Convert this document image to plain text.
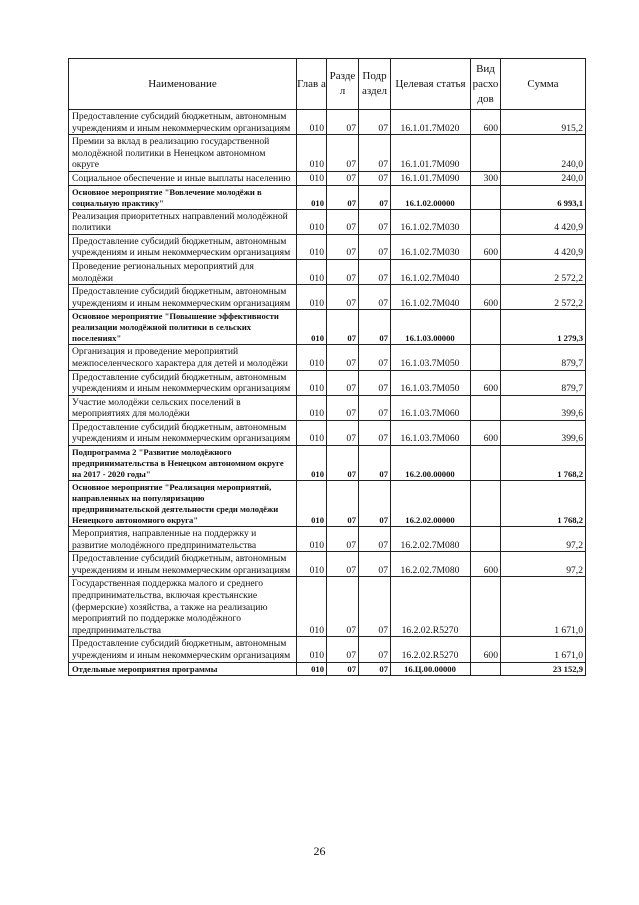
Наименование	Глав а	Разде л	Подр аздел	Целевая статья	Вид расхо дов	Сумма
Предоставление субсидий бюджетным, автономным учреждениям и иным некоммерческим организациям	010	07	07	16.1.01.7M020	600	915,2
Премии за вклад в реализацию государственной молодёжной политики в Ненецком автономном округе	010	07	07	16.1.01.7M090		240,0
Социальное обеспечение и иные выплаты населению	010	07	07	16.1.01.7M090	300	240,0
Основное мероприятие "Вовлечение молодёжи в социальную практику"	010	07	07	16.1.02.00000		6 993,1
Реализация приоритетных направлений молодёжной политики	010	07	07	16.1.02.7M030		4 420,9
Предоставление субсидий бюджетным, автономным учреждениям и иным некоммерческим организациям	010	07	07	16.1.02.7M030	600	4 420,9
Проведение региональных мероприятий для молодёжи	010	07	07	16.1.02.7M040		2 572,2
Предоставление субсидий бюджетным, автономным учреждениям и иным некоммерческим организациям	010	07	07	16.1.02.7M040	600	2 572,2
Основное мероприятие "Повышение эффективности реализации молодёжной политики в сельских поселениях"	010	07	07	16.1.03.00000		1 279,3
Организация и проведение мероприятий межпоселенческого характера для детей и молодёжи	010	07	07	16.1.03.7M050		879,7
Предоставление субсидий бюджетным, автономным учреждениям и иным некоммерческим организациям	010	07	07	16.1.03.7M050	600	879,7
Участие молодёжи сельских поселений в мероприятиях для молодёжи	010	07	07	16.1.03.7M060		399,6
Предоставление субсидий бюджетным, автономным учреждениям и иным некоммерческим организациям	010	07	07	16.1.03.7M060	600	399,6
Подпрограмма 2 "Развитие молодёжного предпринимательства в Ненецком автономном округе на 2017 - 2020 годы"	010	07	07	16.2.00.00000		1 768,2
Основное мероприятие "Реализация мероприятий, направленных на популяризацию предпринимательской деятельности среди молодёжи Ненецкого автономного округа"	010	07	07	16.2.02.00000		1 768,2
Мероприятия, направленные на поддержку и развитие молодёжного предпринимательства	010	07	07	16.2.02.7M080		97,2
Предоставление субсидий бюджетным, автономным учреждениям и иным некоммерческим организациям	010	07	07	16.2.02.7M080	600	97,2
Государственная поддержка малого и среднего предпринимательства, включая крестьянские (фермерские) хозяйства, а также на реализацию мероприятий по поддержке молодёжного предпринимательства	010	07	07	16.2.02.R5270		1 671,0
Предоставление субсидий бюджетным, автономным учреждениям и иным некоммерческим организациям	010	07	07	16.2.02.R5270	600	1 671,0
Отдельные мероприятия программы	010	07	07	16.Ц.00.00000		23 152,9
26
